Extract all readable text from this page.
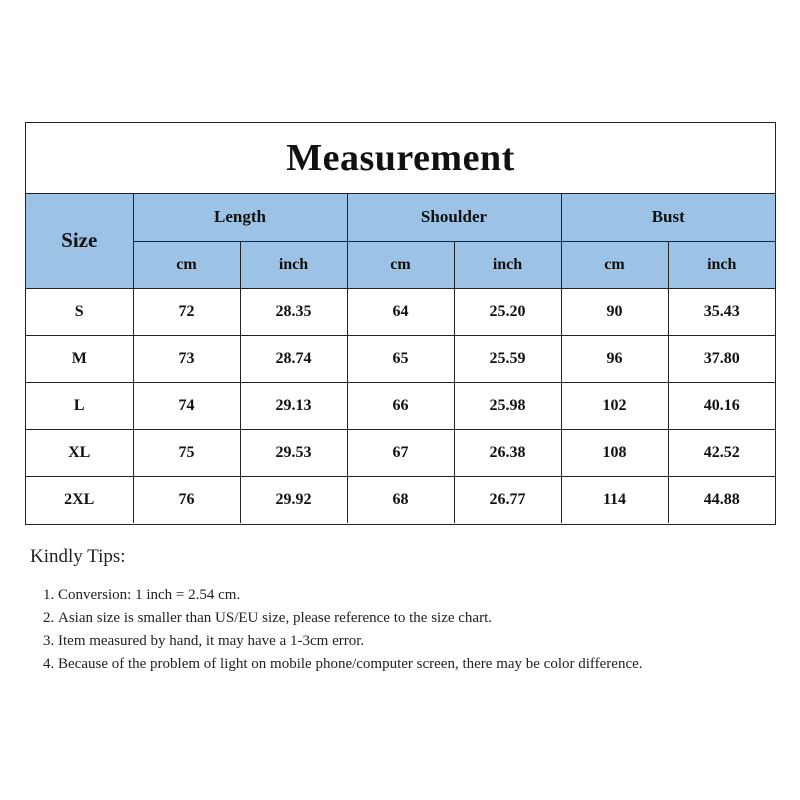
Measurement
Size	Length		Shoulder		Bust	
	cm	inch	cm	inch	cm	inch
S	72	28.35	64	25.20	90	35.43
M	73	28.74	65	25.59	96	37.80
L	74	29.13	66	25.98	102	40.16
XL	75	29.53	67	26.38	108	42.52
2XL	76	29.92	68	26.77	114	44.88
Kindly Tips:
1. Conversion: 1 inch = 2.54 cm.
2. Asian size is smaller than US/EU size, please reference to the size chart.
3. Item measured by hand, it may have a 1-3cm error.
4. Because of the problem of light on mobile phone/computer screen, there may be color difference.
